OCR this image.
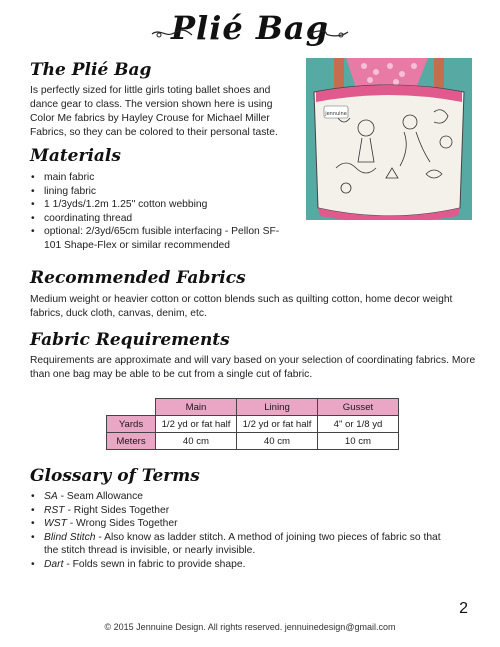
Plié Bag
The Plié Bag

Is perfectly sized for little girls toting ballet shoes and dance gear to class. The version shown here is using Color Me fabrics by Hayley Crouse for Michael Miller Fabrics, so they can be colored to their personal taste.

jennuine
Materials
• main fabric
• lining fabric
• 1 1/3yds/1.2m 1.25" cotton webbing
• coordinating thread
• optional: 2/3yd/65cm fusible interfacing - Pellon SF-101 Shape-Flex or similar recommended
Recommended Fabrics

Medium weight or heavier cotton or cotton blends such as quilting cotton, home decor weight fabrics, duck cloth, canvas, denim, etc.

Fabric Requirements

Requirements are approximate and will vary based on your selection of coordinating fabrics. More than one bag may be able to be cut from a single cut of fabric.

	Main	Lining	Gusset
Yards	1/2 yd or fat half	1/2 yd or fat half	4" or 1/8 yd
Meters	40 cm	40 cm	10 cm
Glossary of Terms
• SA - Seam Allowance
• RST - Right Sides Together
• WST - Wrong Sides Together
• Blind Stitch - Also know as ladder stitch. A method of joining two pieces of fabric so that the stitch thread is invisible, or nearly invisible.
• Dart - Folds sewn in fabric to provide shape.
2
© 2015 Jennuine Design. All rights reserved. jennuinedesign@gmail.com
